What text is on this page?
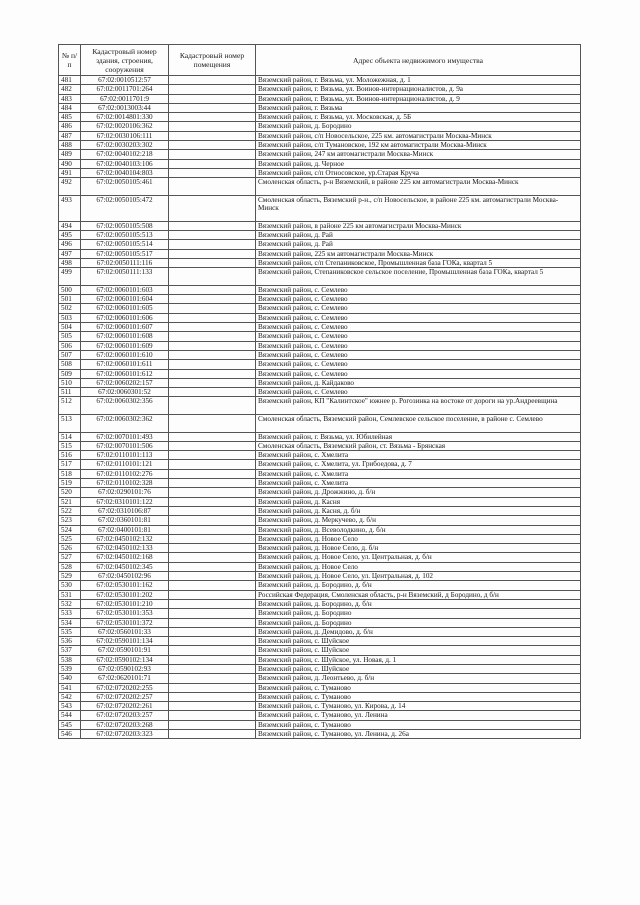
№ п/п	Кадастровый номер здания, строения, сооружения	Кадастровый номер помещения	Адрес объекта недвижимого имущества
481	67:02:0010512:57		Вяземский район, г. Вязьма, ул. Моложежная, д. 1
482	67:02:0011701:264		Вяземский район, г. Вязьма, ул. Воинов-интернационалистов, д. 9а
483	67:02:0011701:9		Вяземский район, г. Вязьма, ул. Воинов-интернационалистов, д. 9
484	67:02:0013003:44		Вяземский район, г. Вязьма
485	67:02:0014801:330		Вяземский район, г. Вязьма, ул. Московская, д. 5Б
486	67:02:0020106:362		Вяземский район, д. Бородино
487	67:02:0030106:111		Вяземский район, с/п Новосельское, 225 км. автомагистрали Москва-Минск
488	67:02:0030203:302		Вяземский район, с/п Тумановское, 192 км автомагистрали Москва-Минск
489	67:02:0040102:218		Вяземский район, 247 км автомагистрали Москва-Минск
490	67:02:0040103:106		Вяземский район, д. Черное
491	67:02:0040104:803		Вяземский район, с/п Относовское, ур.Старая Круча
492	67:02:0050105:461		Смоленская область, р-н Вяземский, в районе 225 км автомагистрали Москва-Минск
493	67:02:0050105:472		Смоленская область, Вяземский р-н., с/п Новосельское, в районе 225 км. автомагистрали Москва-Минск
494	67:02:0050105:508		Вяземский район, в районе 225 км автомагистрали Москва-Минск
495	67:02:0050105:513		Вяземский район, д. Рай
496	67:02:0050105:514		Вяземский район, д. Рай
497	67:02:0050105:517		Вяземский район, 225 км автомагистрали Москва-Минск
498	67:02:0050111:116		Вяземский район, с/п Степаниковское, Промышленная база ГОКа, квартал 5
499	67:02:0050111:133		Вяземский район, Степаниковское сельское поселение, Промышленная база ГОКа, квартал 5
500	67:02:0060101:603		Вяземский район, с. Семлево
501	67:02:0060101:604		Вяземский район, с. Семлево
502	67:02:0060101:605		Вяземский район, с. Семлево
503	67:02:0060101:606		Вяземский район, с. Семлево
504	67:02:0060101:607		Вяземский район, с. Семлево
505	67:02:0060101:608		Вяземский район, с. Семлево
506	67:02:0060101:609		Вяземский район, с. Семлево
507	67:02:0060101:610		Вяземский район, с. Семлево
508	67:02:0060101:611		Вяземский район, с. Семлево
509	67:02:0060101:612		Вяземский район, с. Семлево
510	67:02:0060202:157		Вяземский район, д. Кайдаково
511	67:02:0060301:52		Вяземский район, с. Семлево
512	67:02:0060302:356		Вяземский район, КП "Калинтское" южнее р. Рогозинка на востоке от дороги на ур.Андреевщина
513	67:02:0060302:362		Смоленская область, Вяземский район, Семлевское сельское поселение, в районе с. Семлево
514	67:02:0070101:493		Вяземский район, г. Вязьма, ул. Юбилейная
515	67:02:0070101:506		Смоленская область, Вяземский район, ст. Вязьма - Брянская
516	67:02:0110101:113		Вяземский район, с. Хмелита
517	67:02:0110101:121		Вяземский район, с. Хмелита, ул. Грибоедова, д. 7
518	67:02:0110102:276		Вяземский район, с. Хмелита
519	67:02:0110102:328		Вяземский район, с. Хмелита
520	67:02:0290101:76		Вяземский район, д. Дрожжино, д. б/н
521	67:02:0310101:122		Вяземский район, д. Касня
522	67:02:0310106:87		Вяземский район, д. Касня, д. б/н
523	67:02:0360101:81		Вяземский район, д. Меркучево, д. б/н
524	67:02:0400101:81		Вяземский район, д. Всеволодкино, д. б/н
525	67:02:0450102:132		Вяземский район, д. Новое Село
526	67:02:0450102:133		Вяземский район, д. Новое Село, д. б/н
527	67:02:0450102:168		Вяземский район, д. Новое Село, ул. Центральная, д. б/н
528	67:02:0450102:345		Вяземский район, д. Новое Село
529	67:02:0450102:96		Вяземский район, д. Новое Село, ул. Центральная, д. 102
530	67:02:0530101:162		Вяземский район, д. Бородино, д. б/н
531	67:02:0530101:202		Российская Федерация, Смоленская область, р-н Вяземский, д Бородино, д б/н
532	67:02:0530101:210		Вяземский район, д. Бородино, д. б/н
533	67:02:0530101:353		Вяземский район, д. Бородино
534	67:02:0530101:372		Вяземский район, д. Бородино
535	67:02:0560101:33		Вяземский район, д. Демидово, д. б/н
536	67:02:0590101:134		Вяземский район, с. Шуйское
537	67:02:0590101:91		Вяземский район, с. Шуйское
538	67:02:0590102:134		Вяземский район, с. Шуйское, ул. Новая, д. 1
539	67:02:0590102:93		Вяземский район, с. Шуйское
540	67:02:0620101:71		Вяземский район, д. Леонтьево, д. б/н
541	67:02:0720202:255		Вяземский район, с. Туманово
542	67:02:0720202:257		Вяземский район, с. Туманово
543	67:02:0720202:261		Вяземский район, с. Туманово, ул. Кирова, д. 14
544	67:02:0720203:257		Вяземский район, с. Туманово, ул. Ленина
545	67:02:0720203:268		Вяземский район, с. Туманово
546	67:02:0720203:323		Вяземский район, с. Туманово, ул. Ленина, д. 26а
